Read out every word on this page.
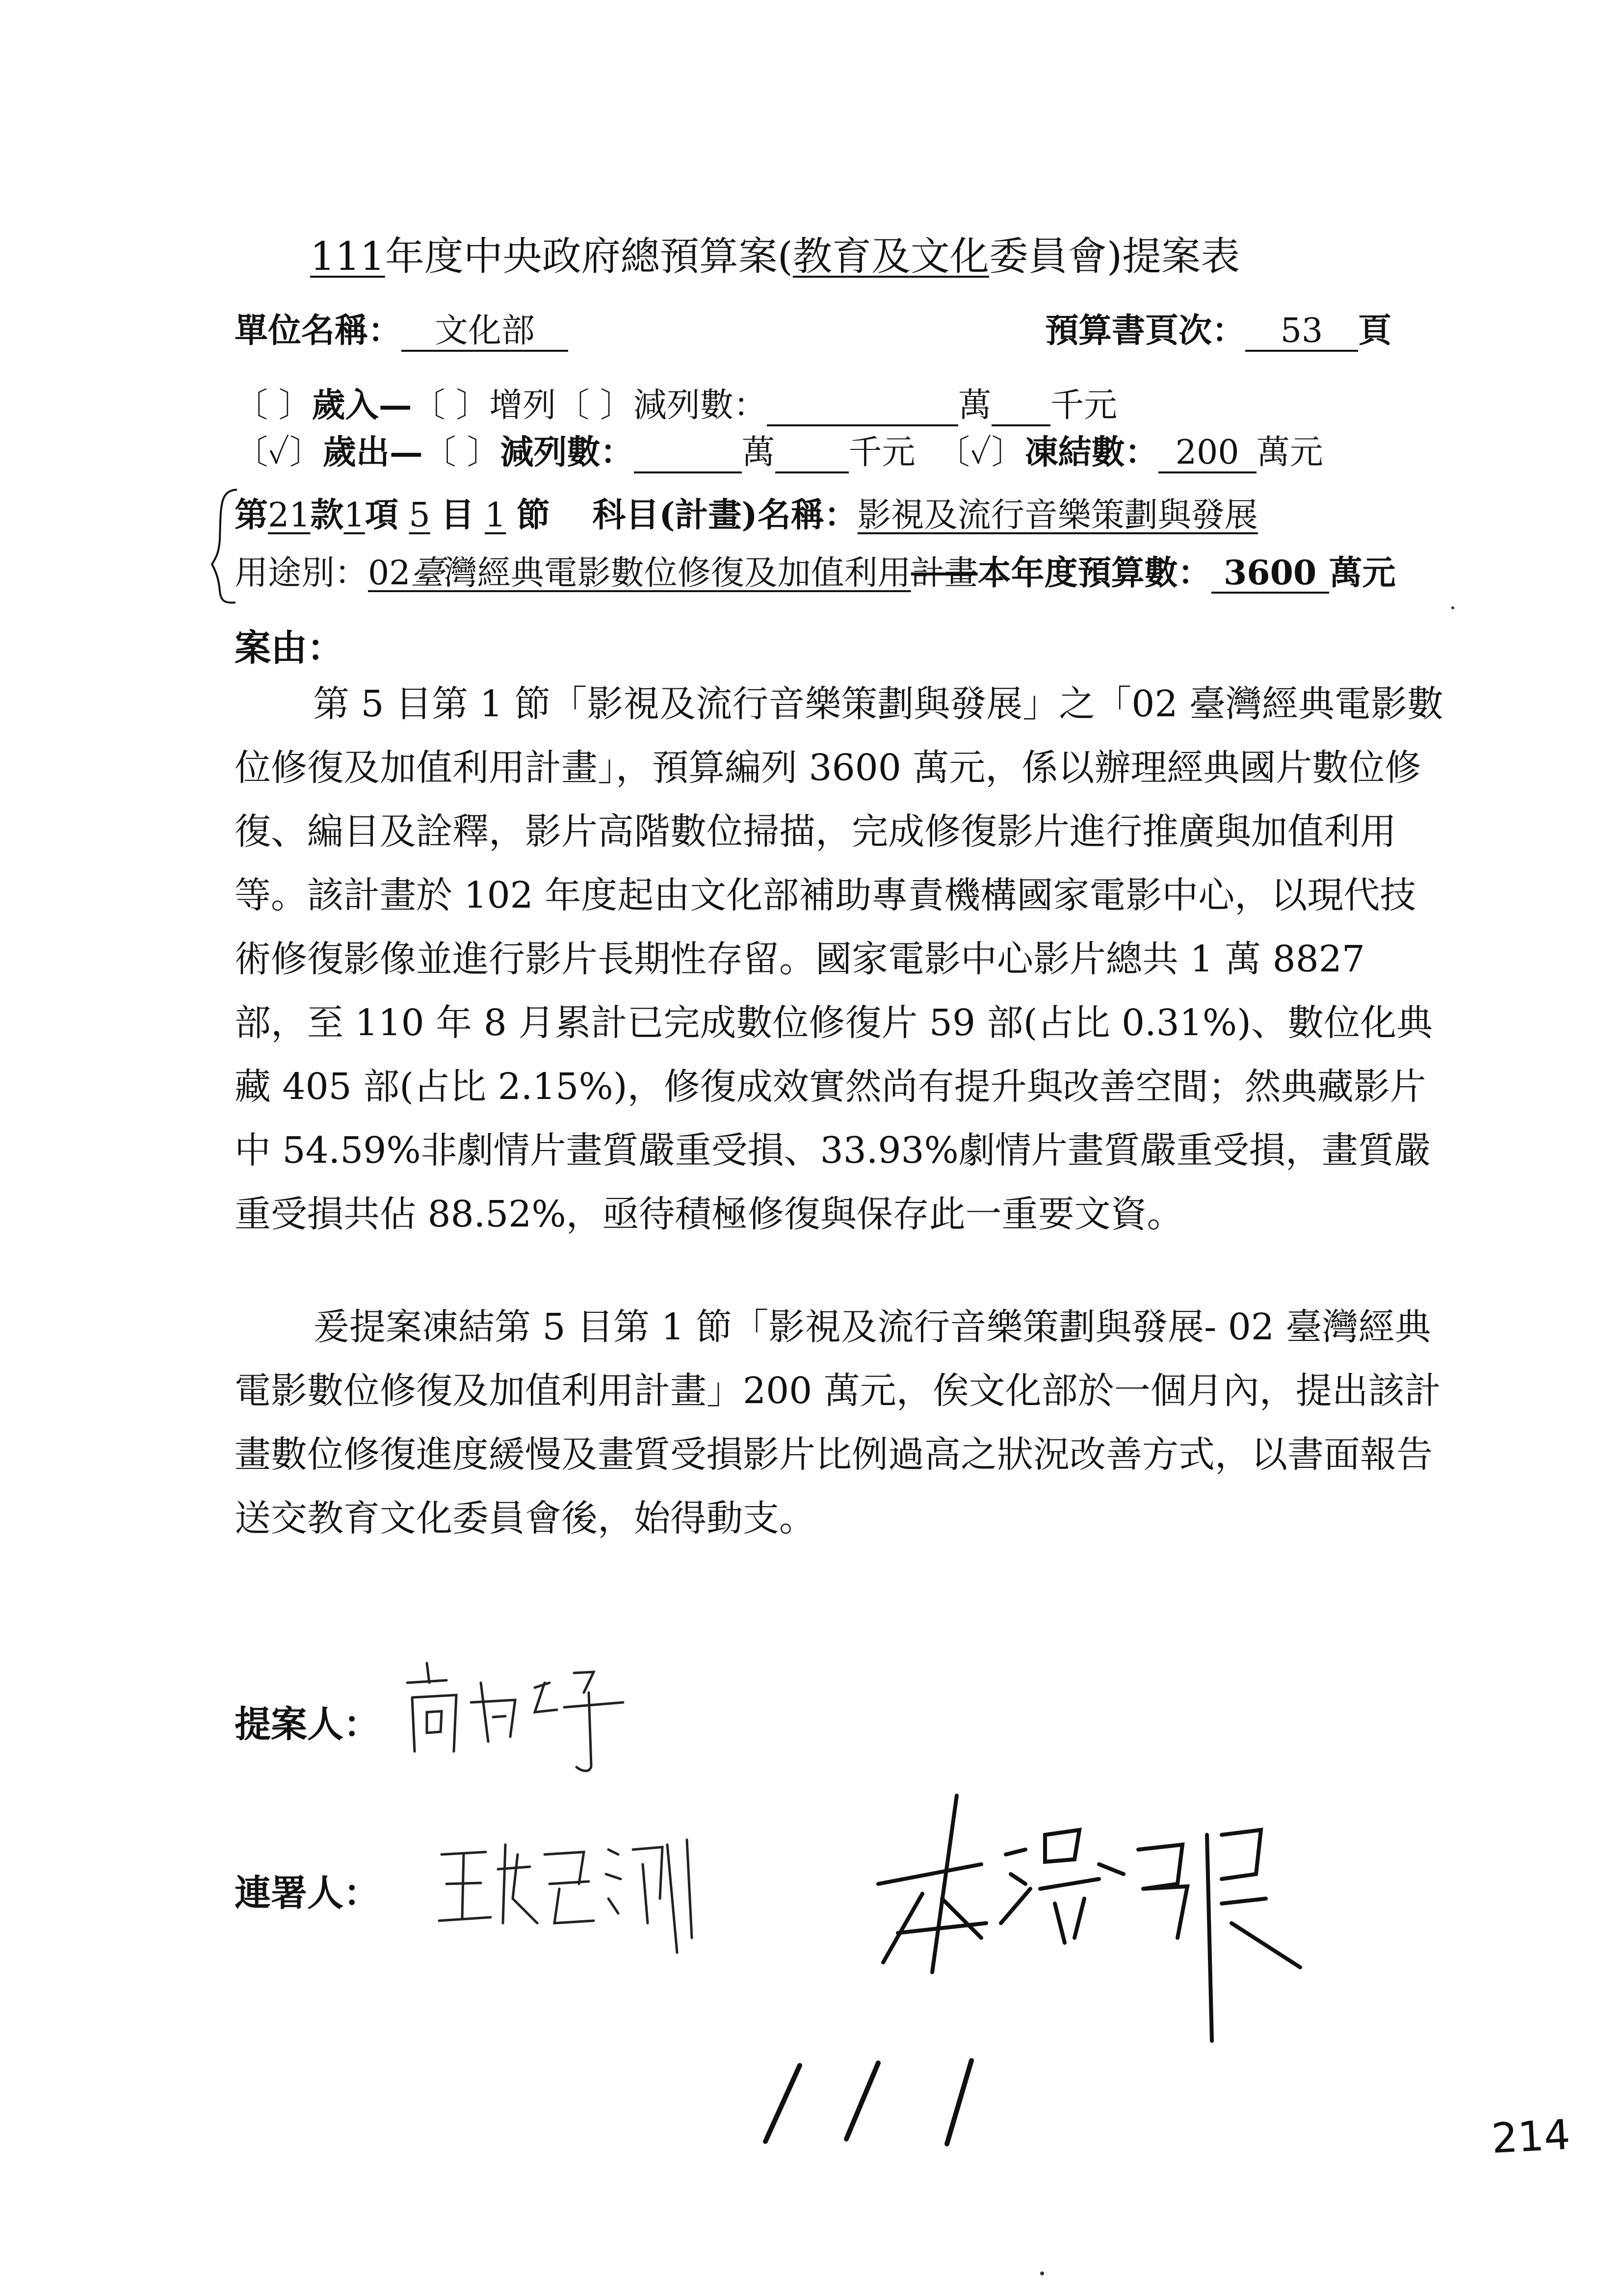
111年度中央政府總預算案(教育及文化委員會)提案表
單位名稱： 文化部	預算書頁次： 53 頁
〔 〕歲入—〔 〕增列〔 〕減列數：	萬 千元
〔✓〕歲出—〔 〕減列數：	萬 千元 〔✓〕凍結數： 200 萬元
第21款1項 5 目 1 節 科目(計畫)名稱：影視及流行音樂策劃與發展
用途別：02臺灣經典電影數位修復及加值利用計畫本年度預算數： 3600 萬元
案由：

第 5 目第 1 節「影視及流行音樂策劃與發展」之「02 臺灣經典電影數位修復及加值利用計畫」，預算編列 3600 萬元，係以辦理經典國片數位修復、編目及詮釋，影片高階數位掃描，完成修復影片進行推廣與加值利用等。該計畫於 102 年度起由文化部補助專責機構國家電影中心，以現代技術修復影像並進行影片長期性存留。國家電影中心影片總共 1 萬 8827 部，至 110 年 8 月累計已完成數位修復片 59 部(占比 0.31%)、數位化典藏 405 部(占比 2.15%)，修復成效實然尚有提升與改善空間；然典藏影片中 54.59%非劇情片畫質嚴重受損、33.93%劇情片畫質嚴重受損，畫質嚴重受損共佔 88.52%，亟待積極修復與保存此一重要文資。

爰提案凍結第 5 目第 1 節「影視及流行音樂策劃與發展- 02 臺灣經典電影數位修復及加值利用計畫」200 萬元，俟文化部於一個月內，提出該計畫數位修復進度緩慢及畫質受損影片比例過高之狀況改善方式，以書面報告送交教育文化委員會後，始得動支。

提案人：
連署人：
214
